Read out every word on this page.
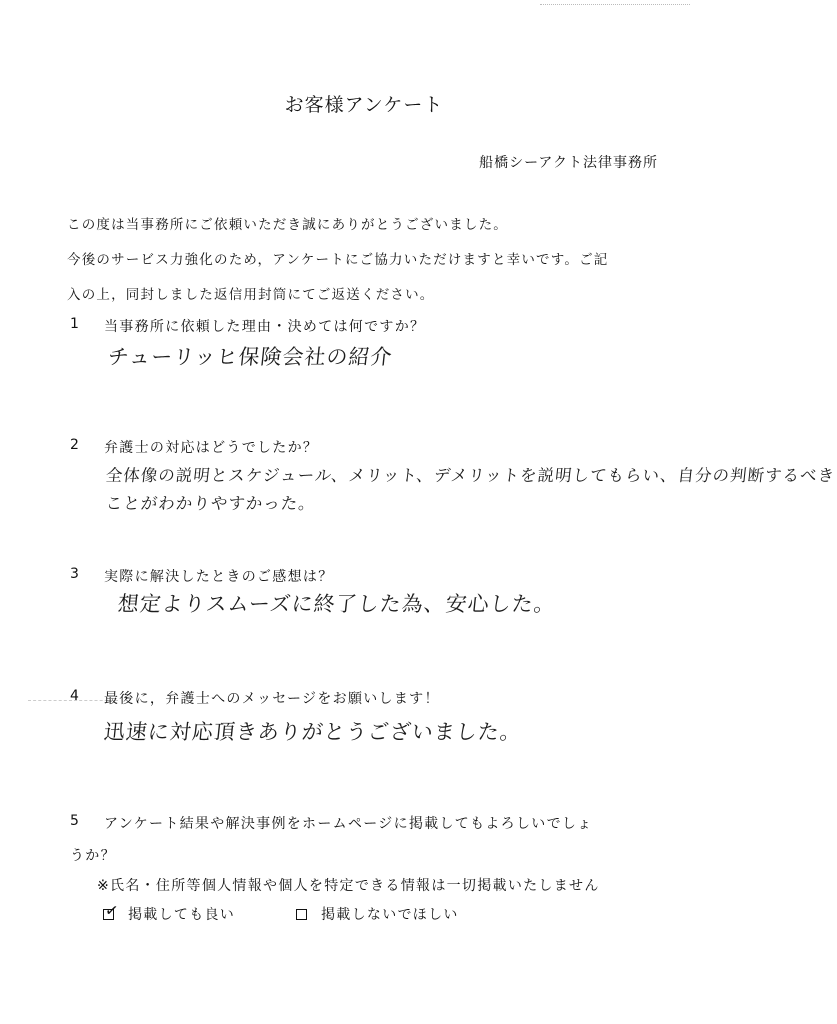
お客様アンケート
船橋シーアクト法律事務所
この度は当事務所にご依頼いただき誠にありがとうございました。
今後のサービス力強化のため，アンケートにご協力いただけますと幸いです。ご記
入の上，同封しました返信用封筒にてご返送ください。
1 当事務所に依頼した理由・決めては何ですか？
チューリッヒ保険会社の紹介
2 弁護士の対応はどうでしたか？
全体像の説明とスケジュール、メリット、デメリットを説明してもらい、自分の判断するべき
ことがわかりやすかった。
3 実際に解決したときのご感想は？
想定よりスムーズに終了した為、安心した。
4 最後に，弁護士へのメッセージをお願いします！
迅速に対応頂きありがとうございました。
5 アンケート結果や解決事例をホームページに掲載してもよろしいでしょ
うか？
※氏名・住所等個人情報や個人を特定できる情報は一切掲載いたしません
✓ 掲載しても良い	掲載しないでほしい
